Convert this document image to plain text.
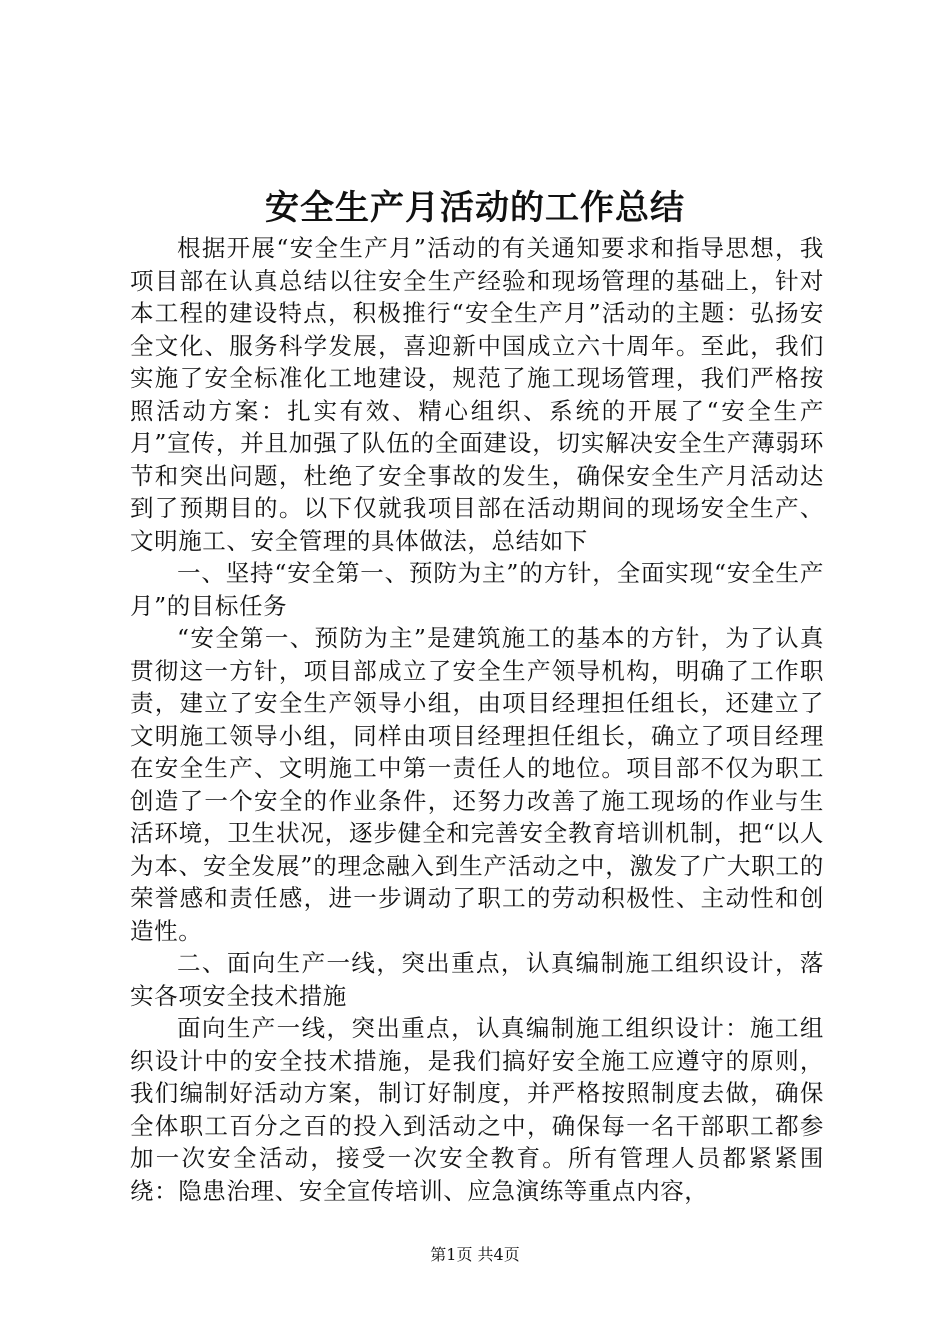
安全生产月活动的工作总结

根据开展“安全生产月”活动的有关通知要求和指导思想，我项目部在认真总结以往安全生产经验和现场管理的基础上，针对本工程的建设特点，积极推行“安全生产月”活动的主题：弘扬安全文化、服务科学发展，喜迎新中国成立六十周年。至此，我们实施了安全标准化工地建设，规范了施工现场管理，我们严格按照活动方案：扎实有效、精心组织、系统的开展了“安全生产月”宣传，并且加强了队伍的全面建设，切实解决安全生产薄弱环节和突出问题，杜绝了安全事故的发生，确保安全生产月活动达到了预期目的。以下仅就我项目部在活动期间的现场安全生产、文明施工、安全管理的具体做法，总结如下

一、坚持“安全第一、预防为主”的方针，全面实现“安全生产月”的目标任务

“安全第一、预防为主”是建筑施工的基本的方针，为了认真贯彻这一方针，项目部成立了安全生产领导机构，明确了工作职责，建立了安全生产领导小组，由项目经理担任组长，还建立了文明施工领导小组，同样由项目经理担任组长，确立了项目经理在安全生产、文明施工中第一责任人的地位。项目部不仅为职工创造了一个安全的作业条件，还努力改善了施工现场的作业与生活环境，卫生状况，逐步健全和完善安全教育培训机制，把“以人为本、安全发展”的理念融入到生产活动之中，激发了广大职工的荣誉感和责任感，进一步调动了职工的劳动积极性、主动性和创造性。

二、面向生产一线，突出重点，认真编制施工组织设计，落实各项安全技术措施

面向生产一线，突出重点，认真编制施工组织设计：施工组织设计中的安全技术措施，是我们搞好安全施工应遵守的原则，我们编制好活动方案，制订好制度，并严格按照制度去做，确保全体职工百分之百的投入到活动之中，确保每一名干部职工都参加一次安全活动，接受一次安全教育。所有管理人员都紧紧围绕：隐患治理、安全宣传培训、应急演练等重点内容，

第1页 共4页
